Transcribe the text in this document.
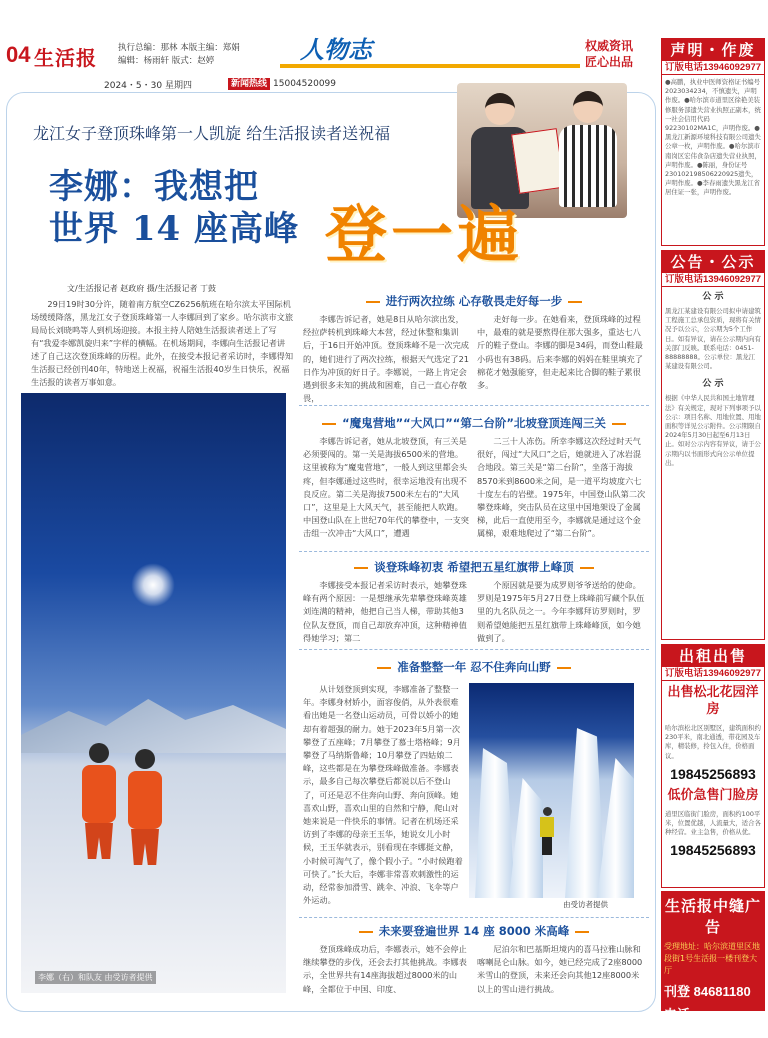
04 生活报 执行总编：那林 本版主编：郑娟
编辑：杨雨轩 版式：赵婷	人物志	权威资讯
匠心出品
2024・5・30 星期四	新闻热线 15004520099
龙江女子登顶珠峰第一人凯旋 给生活报读者送祝福
李娜：我想把
世界 14 座高峰 登一遍
文/生活报记者 赵政府 摄/生活报记者 丁鼓
29日19时30分许，随着南方航空CZ6256航班在哈尔滨太平国际机场缓缓降落，黑龙江女子登顶珠峰第一人李娜回到了家乡。哈尔滨市文旅局局长刘晓鸣等人到机场迎接。本报主持人陪她生活报读者送上了写有“我爱李娜凯旋归来”字样的横幅。在机场期间，李娜向生活报记者讲述了自己这次登顶珠峰的历程。此外，在接受本报记者采访时，李娜得知生活报已经创刊40年，特地送上祝福，祝福生活报40岁生日快乐，祝福生活报的读者万事如意。
李娜（右）和队友 由受访者提供
进行两次拉练 心存敬畏走好每一步
李娜告诉记者，她是8日从哈尔滨出发，经拉萨转机到珠峰大本营，经过休整和集训后，于16日开始冲顶。登顶珠峰不是一次完成的，她们进行了两次拉练，根据天气选定了21日作为冲顶的好日子。李娜说，一路上肯定会遇到很多未知的挑战和困难，自己一直心存敬畏，
走好每一步。在她看来，登顶珠峰的过程中，最难的就是要熬得住那大强多，重达七八斤的鞋子登山。李娜的脚是34码，而登山鞋最小码也有38码。后来李娜的妈妈在鞋里填充了棉花才勉强能穿，但走起来比合脚的鞋子累很多。
“魔鬼营地”“大风口”“第二台阶”北坡登顶连闯三关
李娜告诉记者，她从北坡登顶，有三关是必须要闯的。第一关是海拔6500米的营地。这里被称为“魔鬼营地”，一般人到这里都会头疼，但李娜通过这些时，很幸运地没有出现不良反应。第二关是海拔7500米左右的“大风口”，这里是上大风天气，甚至能把人吹跑。中国登山队在上世纪70年代的攀登中，一支突击组一次冲击“大风口”，遭遇
二三十人冻伤。所幸李娜这次经过时天气很好，闯过“大风口”之后，她就进入了冰岩混合地段。第三关是“第二台阶”，坐落于海拔8570米到8600米之间，是一道平均坡度六七十度左右的岩壁。1975年，中国登山队第二次攀登珠峰，突击队员在这里中国地架设了金属梯，此后一直使用至今，李娜就是通过这个金属梯，艰难地爬过了“第二台阶”。
谈登珠峰初衷 希望把五星红旗带上峰顶
李娜接受本报记者采访时表示，她攀登珠峰有两个原因：一是想继承先辈攀登珠峰英雄刘连满的精神，他把自己当人梯，带助其他3位队友登顶，而自己却放弃冲顶，这种精神值得她学习；第二
个原因就是要为成罗则爷爷送给的使命。罗则是1975年5月27日登上珠峰前写藏个队伍里的九名队员之一。今年李娜拜访罗则时，罗则希望她能把五星红旗带上珠峰峰顶，如今她做到了。
准备整整一年 忍不住奔向山野
从计划登顶到实现，李娜准备了整整一年。李娜身材娇小，面容俊俏，从外表很难看出她是一名登山运动员，可骨以娇小的她却有着超强的耐力。她于2023年5月第一次攀登了五座峰；7月攀登了慕士塔格峰；9月攀登了马纳斯鲁峰；10月攀登了四姑娘二峰，这些都是在为攀登珠峰做准备。李娜表示，最多自己每次攀登后都说以后不登山了，可还是忍不住奔向山野、奔向顶峰。她喜欢山野，喜欢山里的自然和宁静，爬山对她来说是一件快乐的事情。记者在机场还采访到了李娜的母亲王玉华，她说女儿小时候，王玉华就表示，别看现在李娜挺文静，小时候可淘气了，像个假小子。“小时候跑着可快了。”长大后，李娜非常喜欢刺激性的运动，经常参加滑雪、跳伞、冲浪、飞伞等户外运动。	由受访者提供
未来要登遍世界 14 座 8000 米高峰
登顶珠峰成功后，李娜表示，她不会停止继续攀登的步伐，还会去打其他挑战。李娜表示，全世界共有14座海拔超过8000米的山峰，全都位于中国、印度、
尼泊尔和巴基斯坦境内的喜马拉雅山脉和喀喇昆仑山脉。如今，她已经完成了2座8000米雪山的登顶，未来还会向其他12座8000米以上的雪山进行挑战。
声明・作废
订版电话13946092977
●高鹏，执业中医师资格证书编号2023034234，不慎遗失，声明作废。●哈尔滨市道里区徐艳美装修服务部遗失营业执照正副本，统一社会信用代码92230102MA1C，声明作废。●黑龙江新源环境科技有限公司遗失公章一枚，声明作废。●哈尔滨市南岗区宏伟食杂店遗失营业执照，声明作废。●陈丽，身份证号230102198506220925遗失，声明作废。●李春雨遗失黑龙江省居住证一张，声明作废。
公告・公示
订版电话13946092977
公 示
黑龙江某建设有限公司拟申请建筑工程施工总承包资质，现将有关情况予以公示，公示期为5个工作日。如有异议，请在公示期内向有关部门反映。联系电话：0451-88888888。公示单位：黑龙江某建设有限公司。
公 示
根据《中华人民共和国土地管理法》有关规定，现对下列事项予以公示：项目名称、用地位置、用地面积等详见公示附件。公示期限自2024年5月30日起至6月13日止。如对公示内容有异议，请于公示期内以书面形式向公示单位提出。
出租出售
订版电话13946092977
出售松北花园洋房
哈尔滨松北区别墅区，建筑面积约230平米，南北通透，带花园及车库，精装修，拎包入住，价格面议。
19845256893
低价急售门脸房
道里区临街门脸房，面积约100平米，位置优越，人流量大，适合各种经营。业主急售，价格从优。
19845256893
生活报中缝广告
受理地址：哈尔滨道里区地段街1号生活报一楼刊登大厅
刊登 84681180
电话 15004697804
